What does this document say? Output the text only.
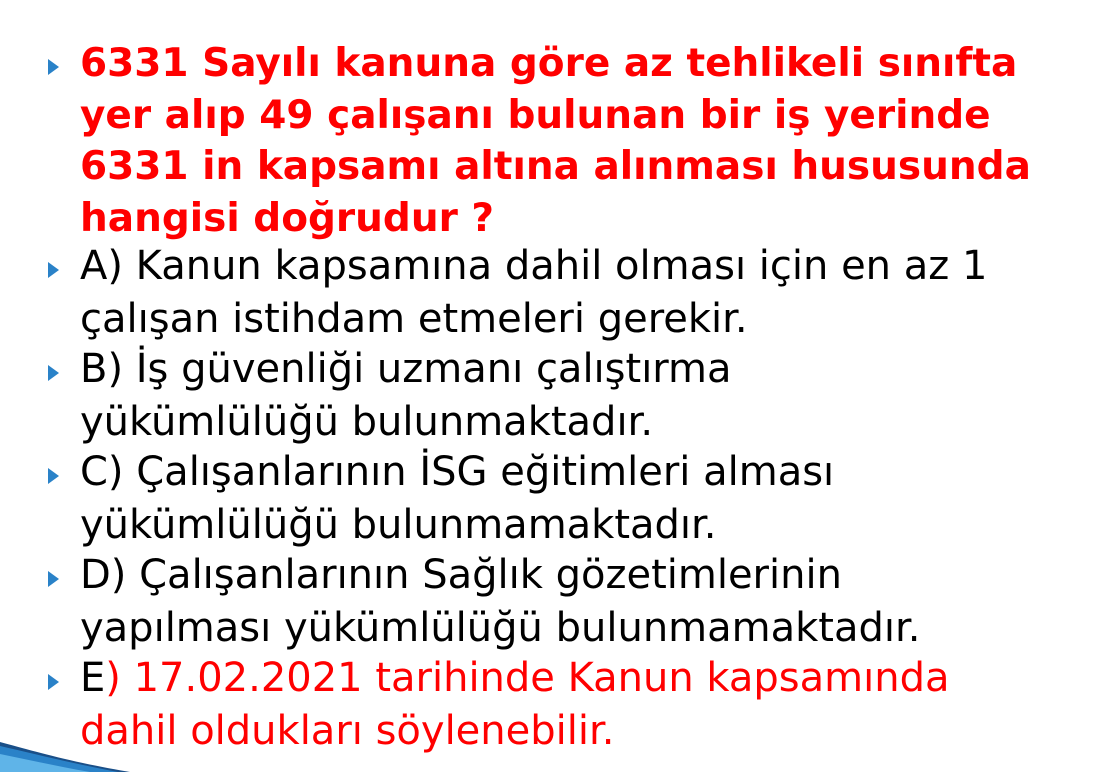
6331 Sayılı kanuna göre az tehlikeli sınıfta
yer alıp 49 çalışanı bulunan bir iş yerinde
6331 in kapsamı altına alınması hususunda
hangisi doğrudur ?

A) Kanun kapsamına dahil olması için en az 1
çalışan istihdam etmeleri gerekir.

B) İş güvenliği uzmanı çalıştırma
yükümlülüğü bulunmaktadır.

C) Çalışanlarının İSG eğitimleri alması
yükümlülüğü bulunmamaktadır.

D) Çalışanlarının Sağlık gözetimlerinin
yapılması yükümlülüğü bulunmamaktadır.

E) 17.02.2021 tarihinde Kanun kapsamında
dahil oldukları söylenebilir.
